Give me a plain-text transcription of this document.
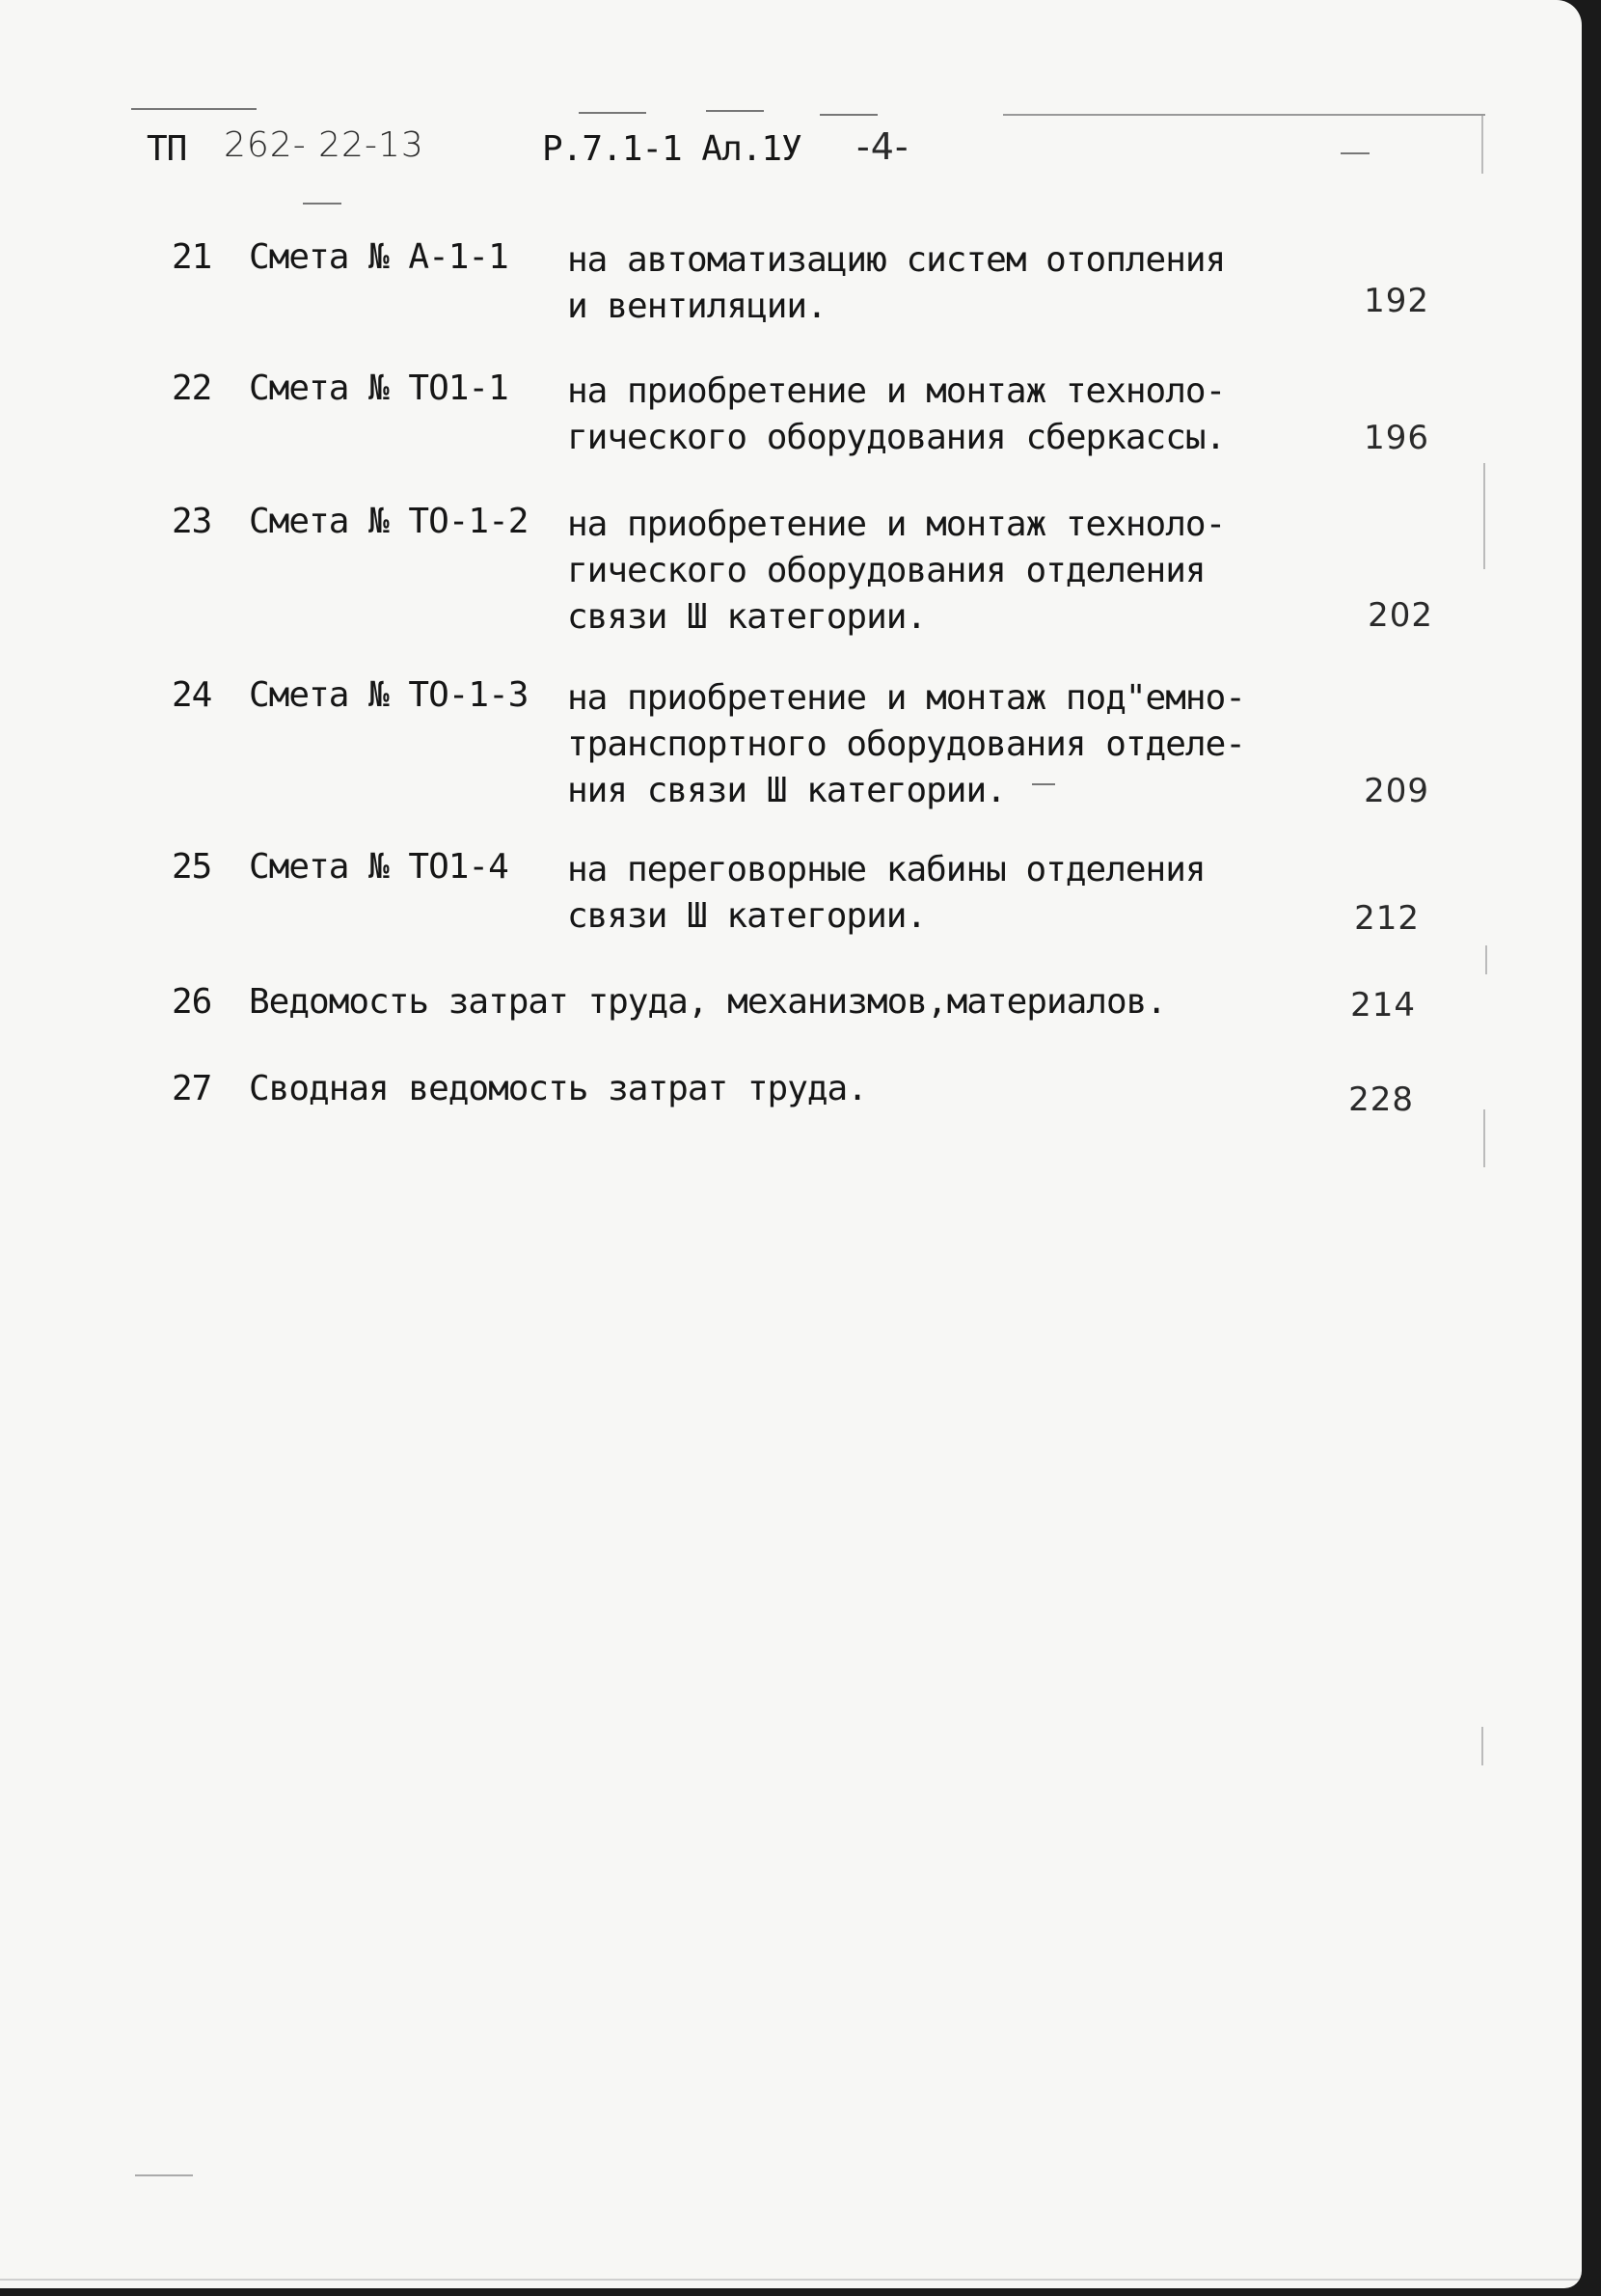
ТП 262- 22-13	Р.7.1-1 Ал.1У -4-
21 Смета № А-1-1 на автоматизацию систем отопления
и вентиляции.	192
22 Смета № ТО1-1 на приобретение и монтаж техноло-
гического оборудования сберкассы.	196
23 Смета № ТО-1-2 на приобретение и монтаж техноло-
гического оборудования отделения
связи Ш категории.	202
24 Смета № ТО-1-3 на приобретение и монтаж под"емно-
транспортного оборудования отделе-
ния связи Ш категории.	209
25 Смета № ТО1-4 на переговорные кабины отделения
связи Ш категории.	212
26 Ведомость затрат труда, механизмов,материалов.	214
27 Сводная ведомость затрат труда.	228
